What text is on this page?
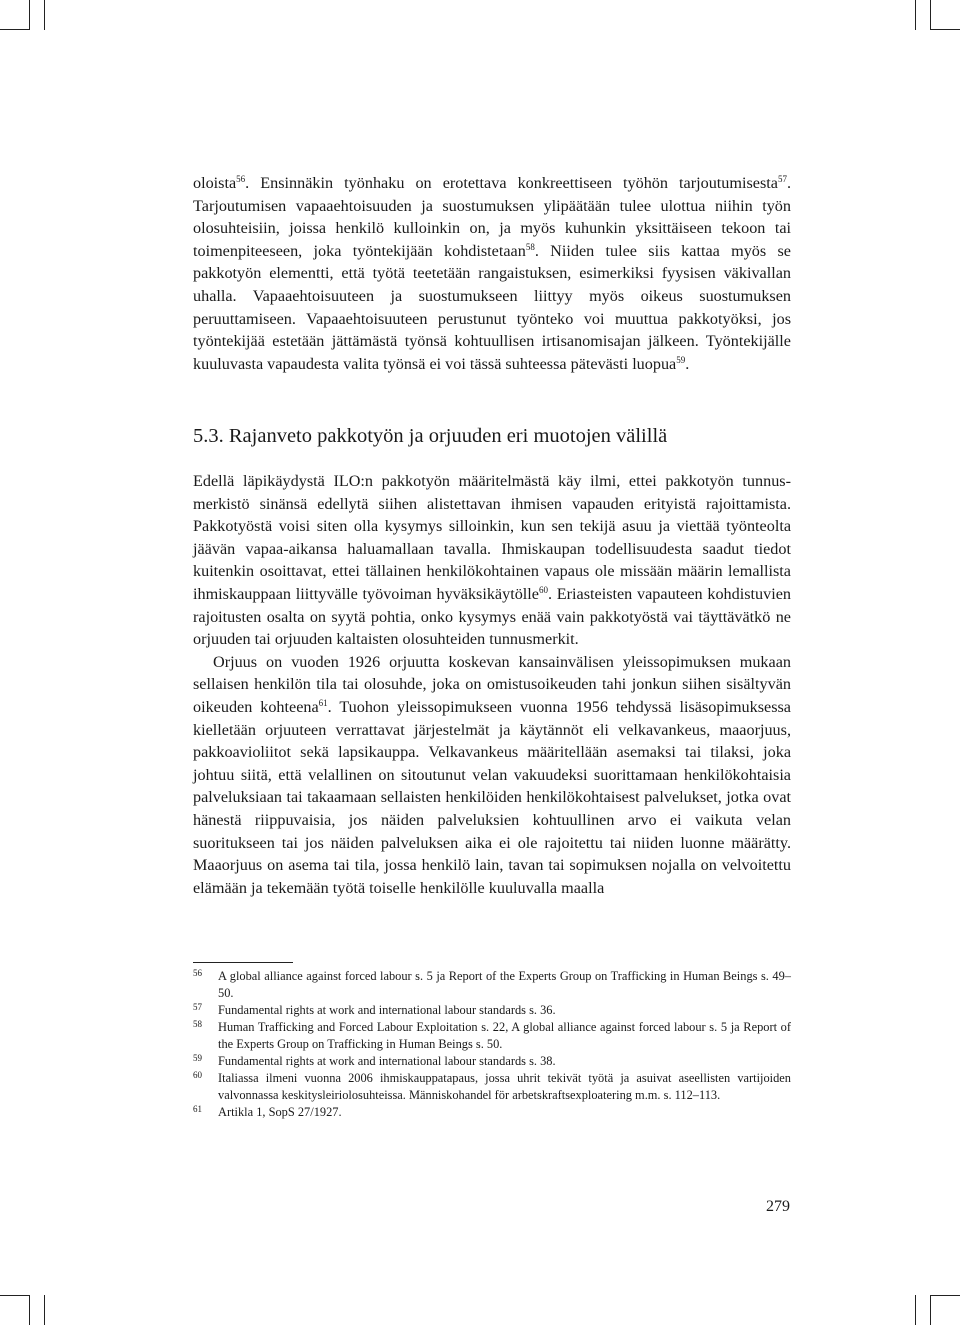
oloista$^{56}$. Ensinnäkin työnhaku on erotettava konkreettiseen työhön tarjoutumisesta$^{57}$. Tarjoutumisen vapaaehtoisuuden ja suostumuksen ylipäätään tulee ulottua niihin työn olosuhteisiin, joissa henkilö kulloinkin on, ja myös kuhunkin yksittäiseen tekoon tai toimenpiteeseen, joka työntekijään kohdistetaan$^{58}$. Niiden tulee siis kattaa myös se pakkotyön elementti, että työtä teetetään rangaistuksen, esimerkiksi fyysisen väkivallan uhalla. Vapaaehtoisuuteen ja suostumukseen liittyy myös oikeus suostumuksen peruuttamiseen. Vapaaehtoisuuteen perustunut työnteko voi muuttua pakkotyöksi, jos työntekijää estetään jättämästä työnsä kohtuullisen irtisanomisajan jälkeen. Työntekijälle kuuluvasta vapaudesta valita työnsä ei voi tässä suhteessa pätevästi luopua$^{59}$.

5.3. Rajanveto pakkotyön ja orjuuden eri muotojen välillä

Edellä läpikäydystä ILO:n pakkotyön määritelmästä käy ilmi, ettei pakkotyön tunnusmerkistö sinänsä edellytä siihen alistettavan ihmisen vapauden erityistä rajoittamista. Pakkotyöstä voisi siten olla kysymys silloinkin, kun sen tekijä asuu ja viettää työnteolta jäävän vapaa-aikansa haluamallaan tavalla. Ihmiskaupan todellisuudesta saadut tiedot kuitenkin osoittavat, ettei tällainen henkilökohtainen vapaus ole missään määrin lemallista ihmiskauppaan liittyvälle työvoiman hyväksikäytölle$^{60}$. Eriasteisten vapauteen kohdistuvien rajoitusten osalta on syytä pohtia, onko kysymys enää vain pakkotyöstä vai täyttävätkö ne orjuuden tai orjuuden kaltaisten olosuhteiden tunnusmerkit.

Orjuus on vuoden 1926 orjuutta koskevan kansainvälisen yleissopimuksen mukaan sellaisen henkilön tila tai olosuhde, joka on omistusoikeuden tahi jonkun siihen sisältyvän oikeuden kohteena$^{61}$. Tuohon yleissopimukseen vuonna 1956 tehdyssä lisäsopimuksessa kielletään orjuuteen verrattavat järjestelmät ja käytännöt eli velkavankeus, maaorjuus, pakkoavioliitot sekä lapsikauppa. Velkavankeus määritellään asemaksi tai tilaksi, joka johtuu siitä, että velallinen on sitoutunut velan vakuudeksi suorittamaan henkilökohtaisia palveluksiaan tai takaamaan sellaisten henkilöiden henkilökohtaisest palvelukset, jotka ovat hänestä riippuvaisia, jos näiden palveluksien kohtuullinen arvo ei vaikuta velan suoritukseen tai jos näiden palveluksen aika ei ole rajoitettu tai niiden luonne määrätty. Maaorjuus on asema tai tila, jossa henkilö lain, tavan tai sopimuksen nojalla on velvoitettu elämään ja tekemään työtä toiselle henkilölle kuuluvalla maalla

56 A global alliance against forced labour s. 5 ja Report of the Experts Group on Trafficking in Human Beings s. 49–50.
57 Fundamental rights at work and international labour standards s. 36.
58 Human Trafficking and Forced Labour Exploitation s. 22, A global alliance against forced labour s. 5 ja Report of the Experts Group on Trafficking in Human Beings s. 50.
59 Fundamental rights at work and international labour standards s. 38.
60 Italiassa ilmeni vuonna 2006 ihmiskauppatapaus, jossa uhrit tekivät työtä ja asuivat aseellisten vartijoiden valvonnassa keskitysleiriolosuhteissa. Människohandel för arbetskraftsexploatering m.m. s. 112–113.
61 Artikla 1, SopS 27/1927.
279
